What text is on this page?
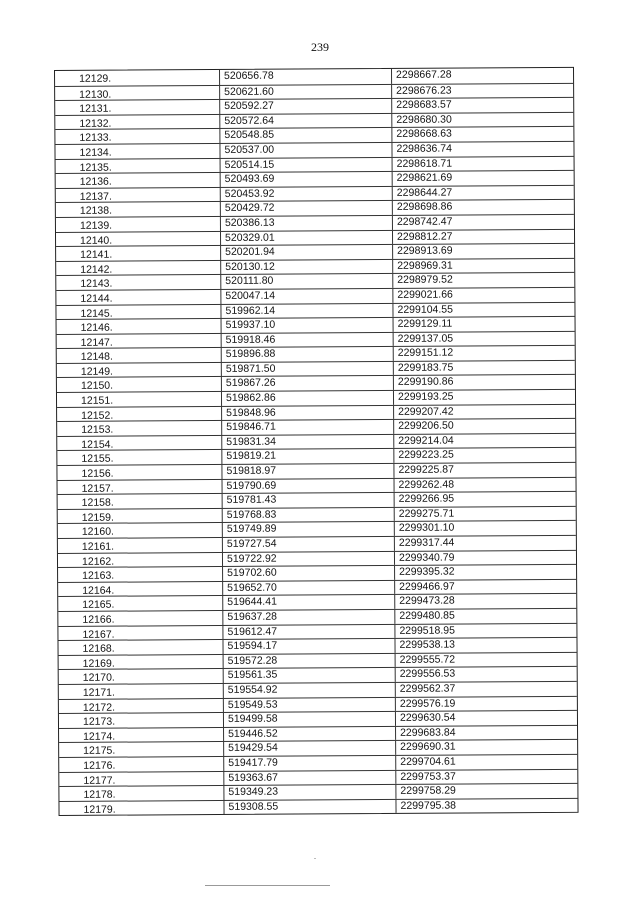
239
12129.	520656.78	2298667.28
12130.	520621.60	2298676.23
12131.	520592.27	2298683.57
12132.	520572.64	2298680.30
12133.	520548.85	2298668.63
12134.	520537.00	2298636.74
12135.	520514.15	2298618.71
12136.	520493.69	2298621.69
12137.	520453.92	2298644.27
12138.	520429.72	2298698.86
12139.	520386.13	2298742.47
12140.	520329.01	2298812.27
12141.	520201.94	2298913.69
12142.	520130.12	2298969.31
12143.	520111.80	2298979.52
12144.	520047.14	2299021.66
12145.	519962.14	2299104.55
12146.	519937.10	2299129.11
12147.	519918.46	2299137.05
12148.	519896.88	2299151.12
12149.	519871.50	2299183.75
12150.	519867.26	2299190.86
12151.	519862.86	2299193.25
12152.	519848.96	2299207.42
12153.	519846.71	2299206.50
12154.	519831.34	2299214.04
12155.	519819.21	2299223.25
12156.	519818.97	2299225.87
12157.	519790.69	2299262.48
12158.	519781.43	2299266.95
12159.	519768.83	2299275.71
12160.	519749.89	2299301.10
12161.	519727.54	2299317.44
12162.	519722.92	2299340.79
12163.	519702.60	2299395.32
12164.	519652.70	2299466.97
12165.	519644.41	2299473.28
12166.	519637.28	2299480.85
12167.	519612.47	2299518.95
12168.	519594.17	2299538.13
12169.	519572.28	2299555.72
12170.	519561.35	2299556.53
12171.	519554.92	2299562.37
12172.	519549.53	2299576.19
12173.	519499.58	2299630.54
12174.	519446.52	2299683.84
12175.	519429.54	2299690.31
12176.	519417.79	2299704.61
12177.	519363.67	2299753.37
12178.	519349.23	2299758.29
12179.	519308.55	2299795.38
